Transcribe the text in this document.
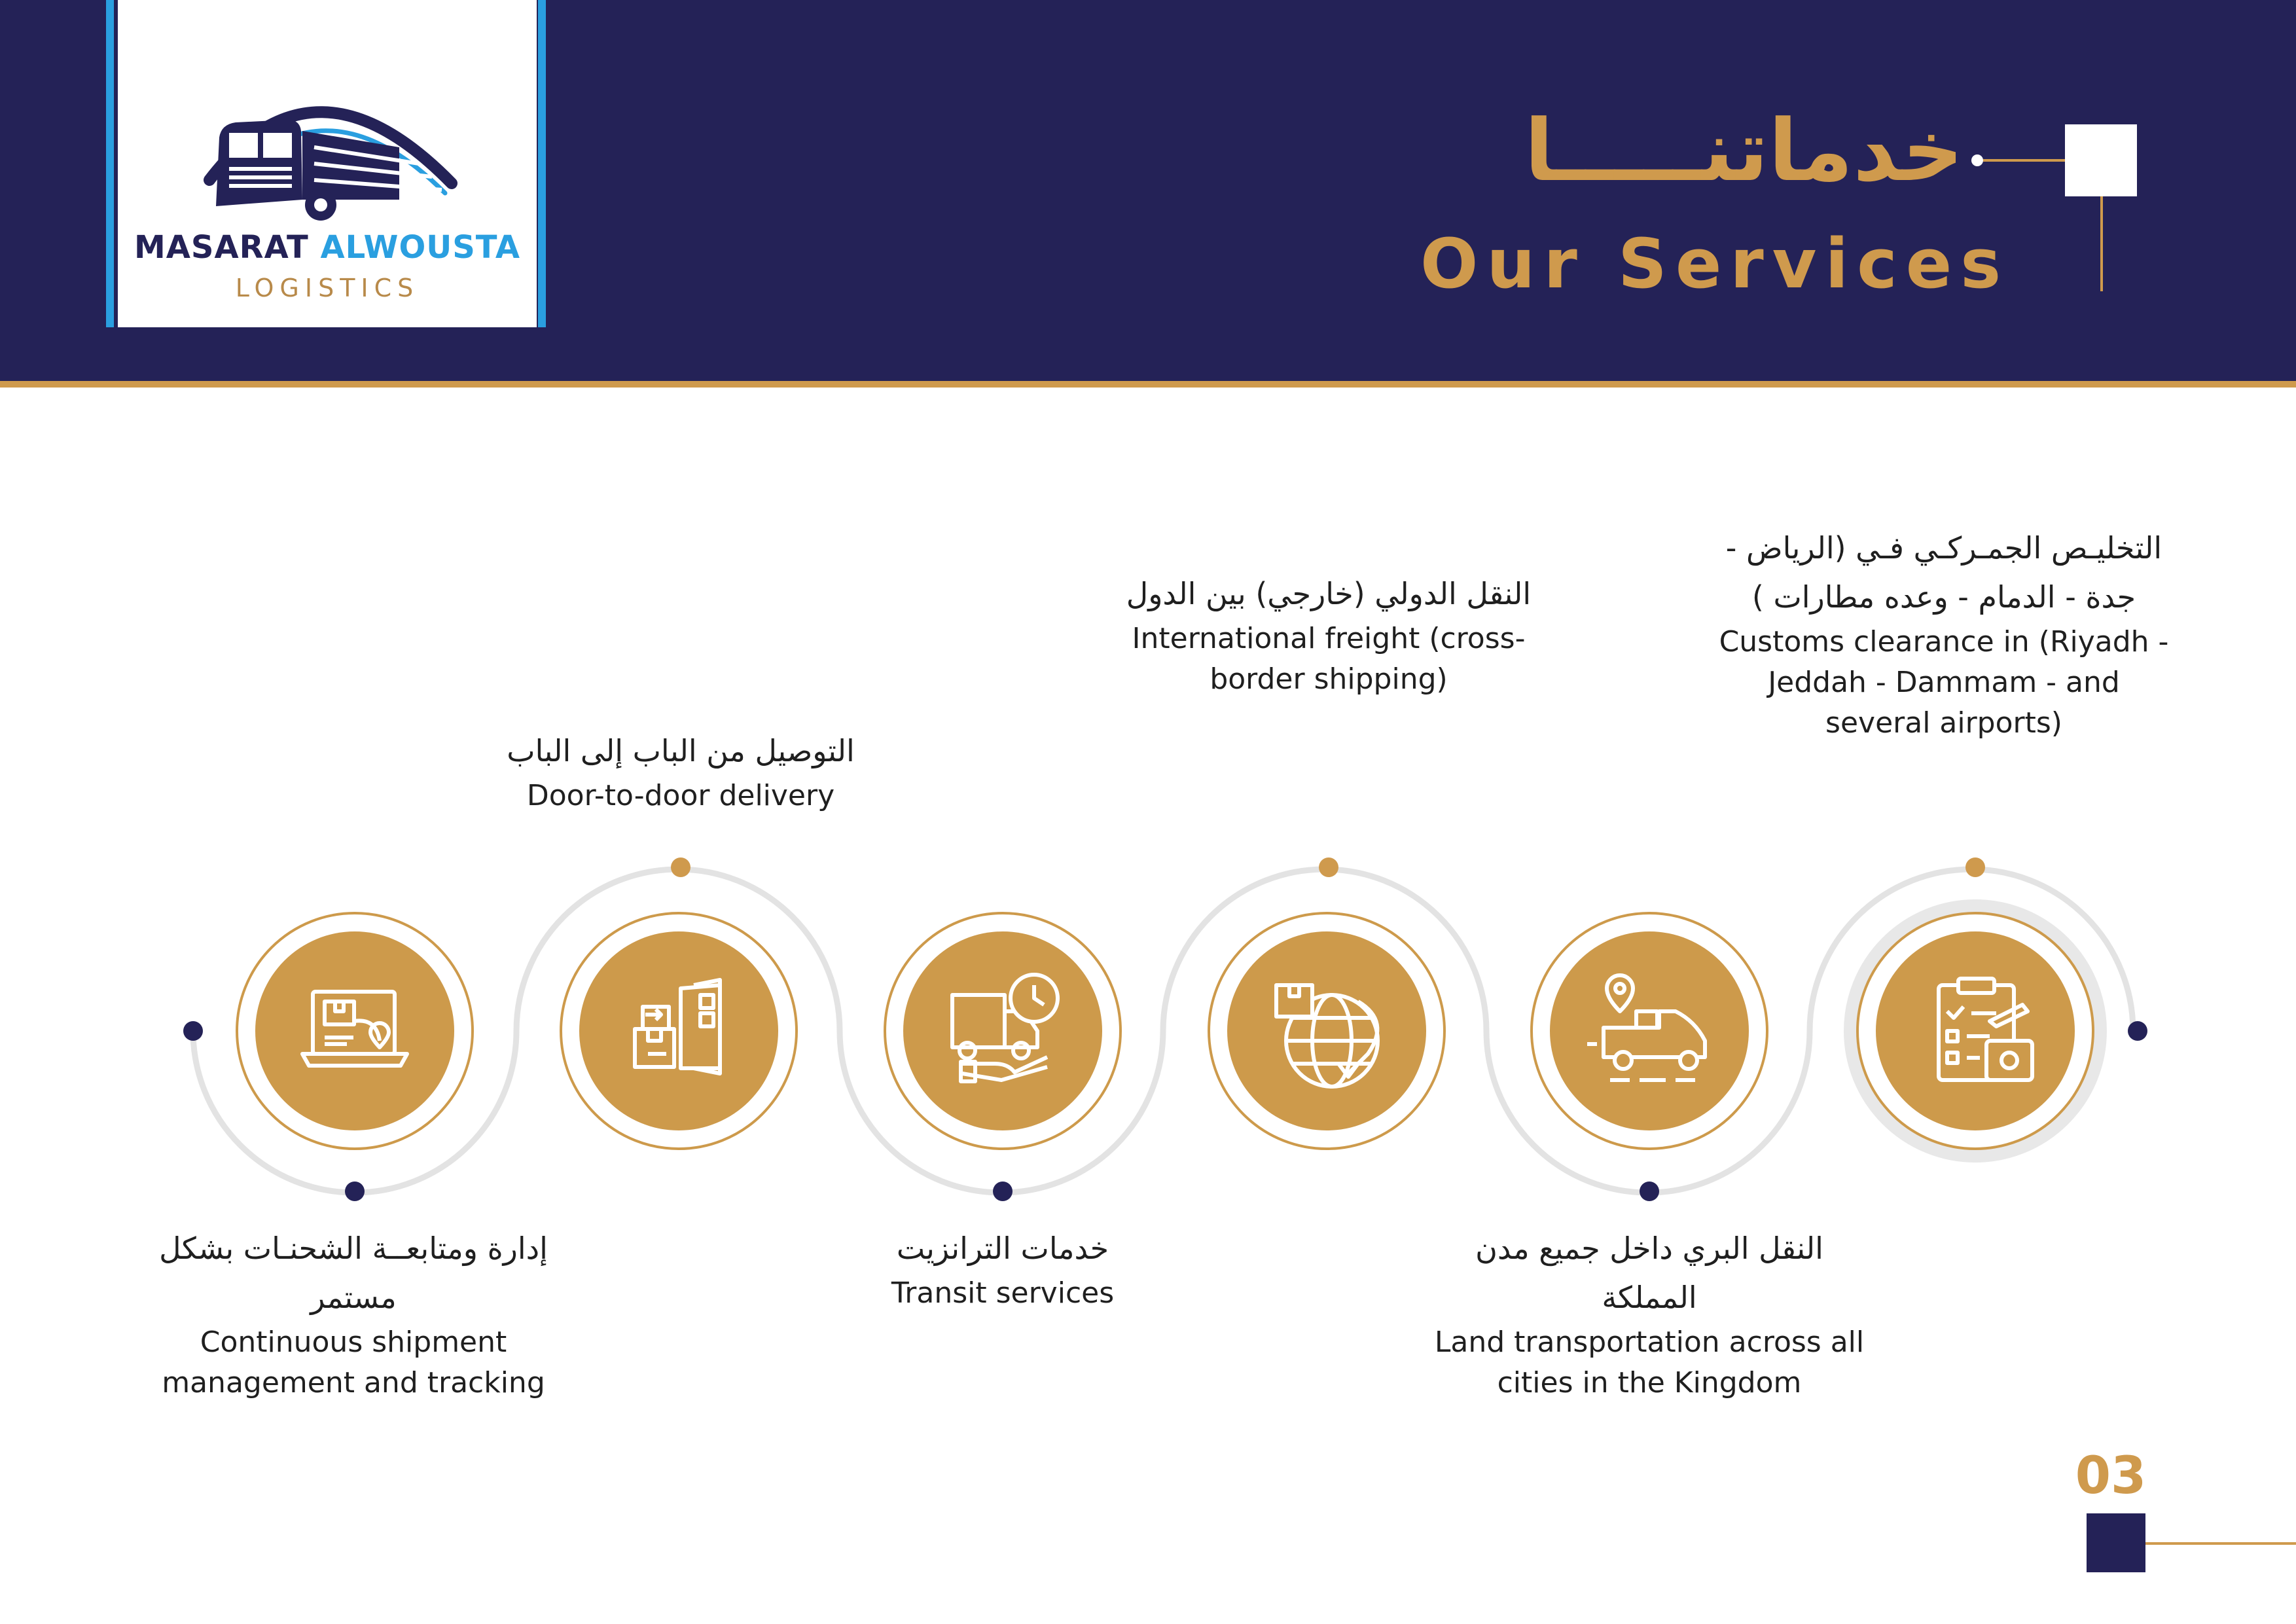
MASARAT ALWOUSTA
LOGISTICS
خدماتنـــــا
Our Services
إدارة ومتابعــة الشحنـات بشكل مستمر
Continuous shipment management and tracking
التوصيل من الباب إلى الباب
Door-to-door delivery
خدمات الترانزيت
Transit services
النقل الدولي (خارجي) بين الدول
International freight (cross-border shipping)
النقل البري داخل جميع مدن المملكة
Land transportation across all cities in the Kingdom
التخليـص الجمـركـي فـي (الرياض - جدة - الدمام - وعده مطارات )
Customs clearance in (Riyadh - Jeddah - Dammam - and several airports)
03
